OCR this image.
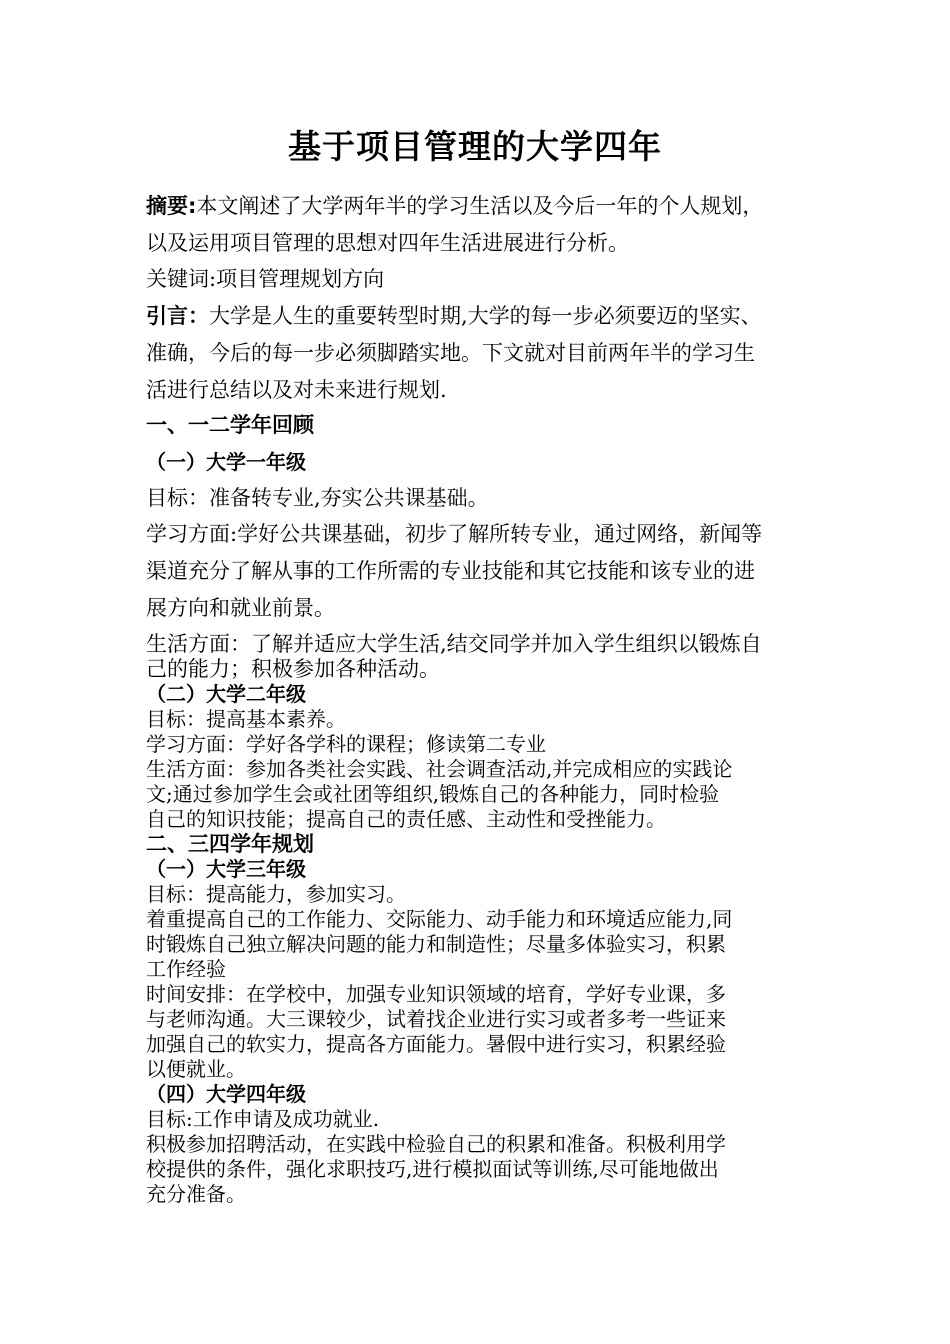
基于项目管理的大学四年
摘要:本文阐述了大学两年半的学习生活以及今后一年的个人规划，
以及运用项目管理的思想对四年生活进展进行分析。
关键词:项目管理规划方向
引言：大学是人生的重要转型时期,大学的每一步必须要迈的坚实、
准确，今后的每一步必须脚踏实地。下文就对目前两年半的学习生
活进行总结以及对未来进行规划.
一、一二学年回顾
（一）大学一年级
目标：准备转专业,夯实公共课基础。
学习方面:学好公共课基础，初步了解所转专业，通过网络，新闻等
渠道充分了解从事的工作所需的专业技能和其它技能和该专业的进
展方向和就业前景。
生活方面：了解并适应大学生活,结交同学并加入学生组织以锻炼自
己的能力；积极参加各种活动。
（二）大学二年级
目标：提高基本素养。
学习方面：学好各学科的课程；修读第二专业
生活方面：参加各类社会实践、社会调查活动,并完成相应的实践论
文;通过参加学生会或社团等组织,锻炼自己的各种能力，同时检验
自己的知识技能；提高自己的责任感、主动性和受挫能力。
二、三四学年规划
（一）大学三年级
目标：提高能力，参加实习。
着重提高自己的工作能力、交际能力、动手能力和环境适应能力,同
时锻炼自己独立解决问题的能力和制造性；尽量多体验实习，积累
工作经验
时间安排：在学校中，加强专业知识领域的培育，学好专业课，多
与老师沟通。大三课较少，试着找企业进行实习或者多考一些证来
加强自己的软实力，提高各方面能力。暑假中进行实习，积累经验
以便就业。
（四）大学四年级
目标:工作申请及成功就业.
积极参加招聘活动，在实践中检验自己的积累和准备。积极利用学
校提供的条件，强化求职技巧,进行模拟面试等训练,尽可能地做出
充分准备。
